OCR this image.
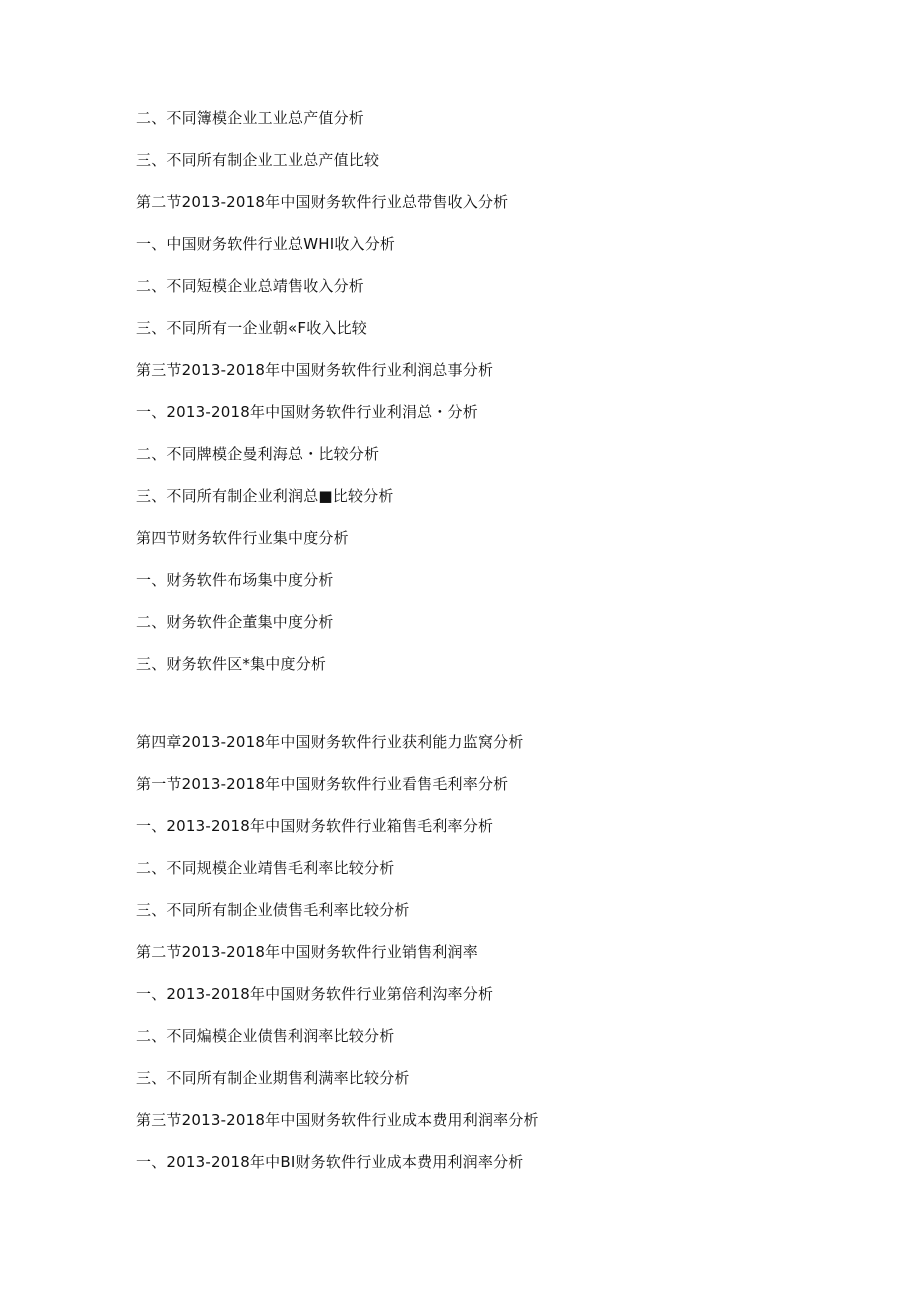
二、不同簿模企业工业总产值分析

三、不同所有制企业工业总产值比较

第二节2013-2018年中国财务软件行业总带售收入分析

一、中国财务软件行业总WHI收入分析

二、不同短模企业总靖售收入分析

三、不同所有一企业朝«F收入比较

第三节2013-2018年中国财务软件行业利润总事分析

一、2013-2018年中国财务软件行业利涓总・分析

二、不同牌模企曼利海总・比较分析

三、不同所有制企业利润总■比较分析

第四节财务软件行业集中度分析

一、财务软件布场集中度分析

二、财务软件企董集中度分析

三、财务软件区*集中度分析

第四章2013-2018年中国财务软件行业获利能力监窝分析

第一节2013-2018年中国财务软件行业看售毛利率分析

一、2013-2018年中国财务软件行业箱售毛利率分析

二、不同规模企业靖售毛利率比较分析

三、不同所有制企业债售毛利率比较分析

第二节2013-2018年中国财务软件行业销售利润率

一、2013-2018年中国财务软件行业第倍利沟率分析

二、不同煸模企业债售利润率比较分析

三、不同所有制企业期售利满率比较分析

第三节2013-2018年中国财务软件行业成本费用利润率分析

一、2013-2018年中BI财务软件行业成本费用利润率分析
